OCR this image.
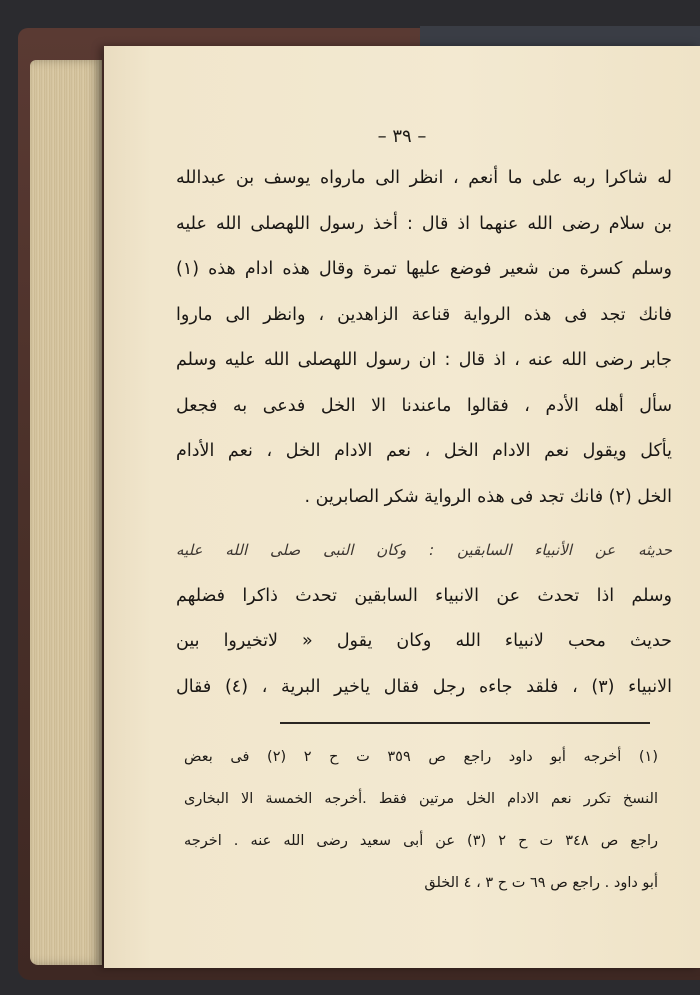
– ٣٩ –
له شاكرا ربه على ما أنعم ، انظر الى مارواه يوسف بن عبدالله
بن سلام رضى الله عنهما اذ قال : أخذ رسول اللهصلى الله عليه
وسلم كسرة من شعير فوضع عليها تمرة وقال هذه ادام هذه (١)
فانك تجد فى هذه الرواية قناعة الزاهدين ، وانظر الى ماروا
جابر رضى الله عنه ، اذ قال : ان رسول اللهصلى الله عليه وسلم
سأل أهله الأدم ، فقالوا ماعندنا الا الخل فدعى به فجعل
يأكل ويقول نعم الادام الخل ، نعم الادام الخل ، نعم الأدام
الخل (٢) فانك تجد فى هذه الرواية شكر الصابرين .
حديثه عن الأنبياء السابقين : وكان النبى صلى الله عليه
وسلم اذا تحدث عن الانبياء السابقين تحدث ذاكرا فضلهم
حديث محب لانبياء الله وكان يقول « لاتخيروا بين
الانبياء (٣) ، فلقد جاءه رجل فقال ياخير البرية ، (٤) فقال
(١) أخرجه أبو داود راجع ص ٣٥٩ ت ح ٢ (٢) فى بعض
النسخ تكرر نعم الادام الخل مرتين فقط .أخرجه الخمسة الا البخارى
راجع ص ٣٤٨ ت ح ٢ (٣) عن أبى سعيد رضى الله عنه . اخرجه
أبو داود . راجع ص ٦٩ ت ح ٣ ، ٤ الخلق
